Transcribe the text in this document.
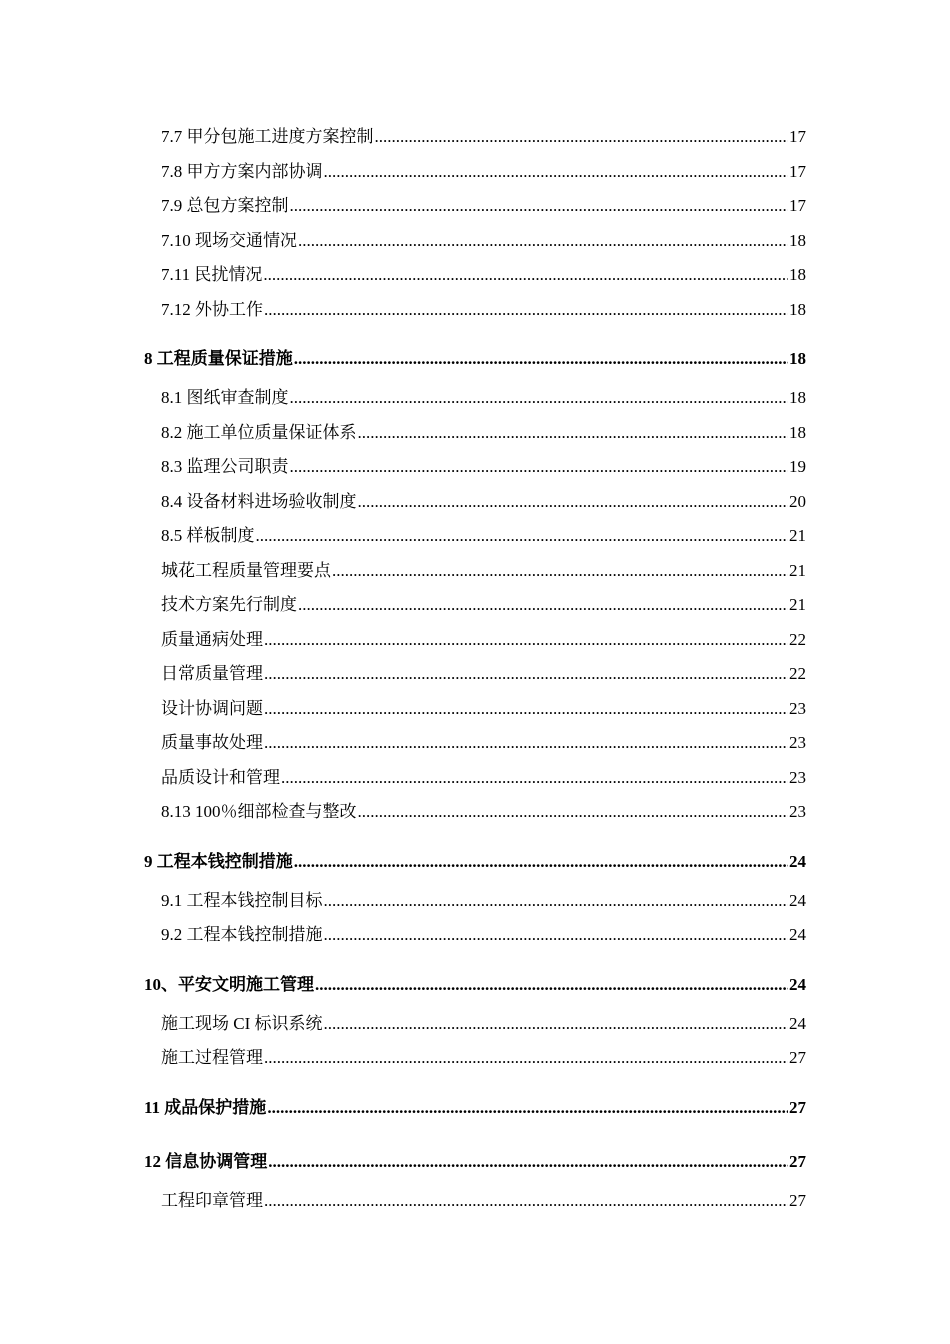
7.7 甲分包施工进度方案控制 .....	17
7.8 甲方方案内部协调 .....	17
7.9 总包方案控制 .....	17
7.10 现场交通情况 .....	18
7.11 民扰情况 .....	18
7.12 外协工作 .....	18
8 工程质量保证措施 .....	18
8.1 图纸审查制度 .....	18
8.2 施工单位质量保证体系 .....	18
8.3 监理公司职责 .....	19
8.4 设备材料进场验收制度 .....	20
8.5 样板制度 .....	21
城花工程质量管理要点 .....	21
技术方案先行制度 .....	21
质量通病处理 .....	22
日常质量管理 .....	22
设计协调问题 .....	23
质量事故处理 .....	23
品质设计和管理 .....	23
8.13 100％细部检查与整改 .....	23
9 工程本钱控制措施 .....	24
9.1 工程本钱控制目标 .....	24
9.2 工程本钱控制措施 .....	24
10、平安文明施工管理 .....	24
施工现场 CI 标识系统 .....	24
施工过程管理 .....	27
11 成品保护措施 .....	27
12 信息协调管理 .....	27
工程印章管理 .....	27
